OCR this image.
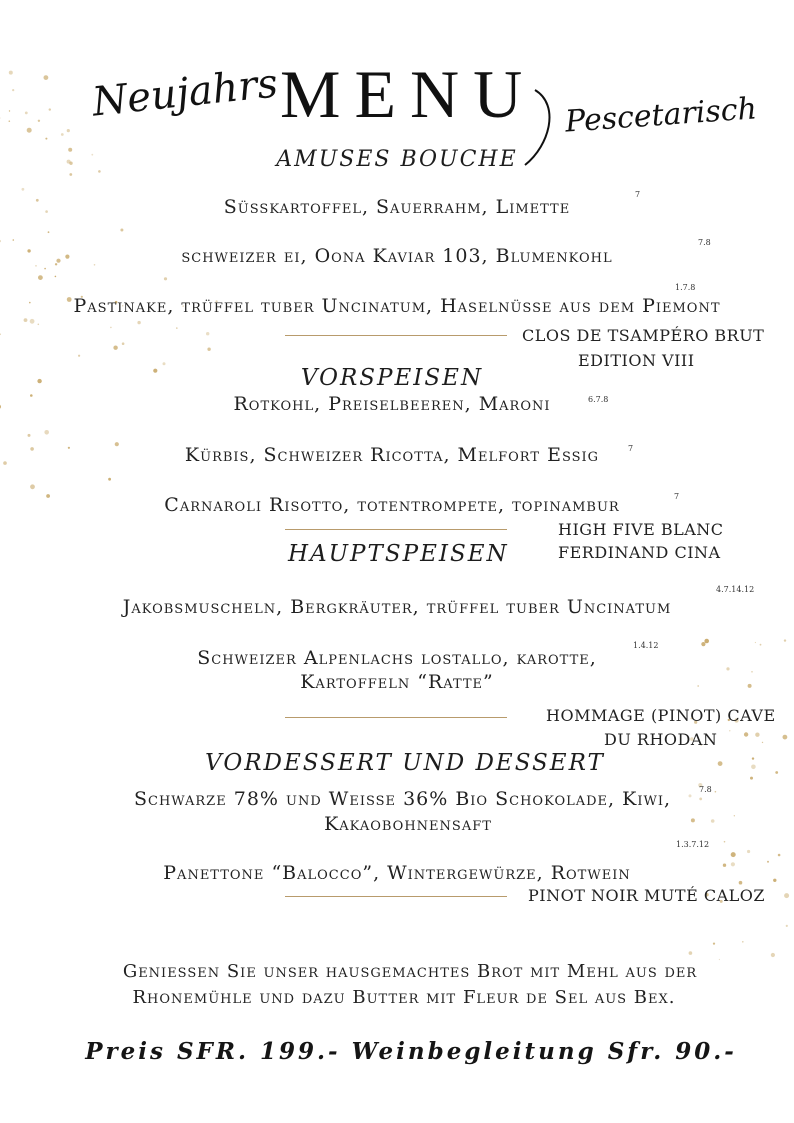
Neujahrs MENU Pescetarisch
AMUSES BOUCHE
Süsskartoffel, Sauerrahm, Limette
7
schweizer ei, Oona Kaviar 103, Blumenkohl
7.8
Pastinake, trüffel tuber Uncinatum, Haselnüsse aus dem Piemont
1.7.8
CLOS DE TSAMPÉRO BRUT
EDITION VIII
VORSPEISEN
Rotkohl, Preiselbeeren, Maroni	6.7.8
Kürbis, Schweizer Ricotta, Melfort Essig	7
Carnaroli Risotto, totentrompete, topinambur	7
HIGH FIVE BLANC
FERDINAND CINA
HAUPTSPEISEN
Jakobsmuscheln, Bergkräuter, trüffel tuber Uncinatum
4.7.14.12
Schweizer Alpenlachs lostallo, karotte,
1.4.12
Kartoffeln “Ratte”
HOMMAGE (PINOT) CAVE
DU RHODAN
VORDESSERT UND DESSERT
Schwarze 78% und Weisse 36% Bio Schokolade, Kiwi,	7.8
Kakaobohnensaft
Panettone “Balocco”, Wintergewürze, Rotwein
1.3.7.12
PINOT NOIR MUTÉ CALOZ
Geniessen Sie unser hausgemachtes Brot mit Mehl aus der
Rhonemühle und dazu Butter mit Fleur de Sel aus Bex.
Preis SFR. 199.- Weinbegleitung Sfr. 90.-
